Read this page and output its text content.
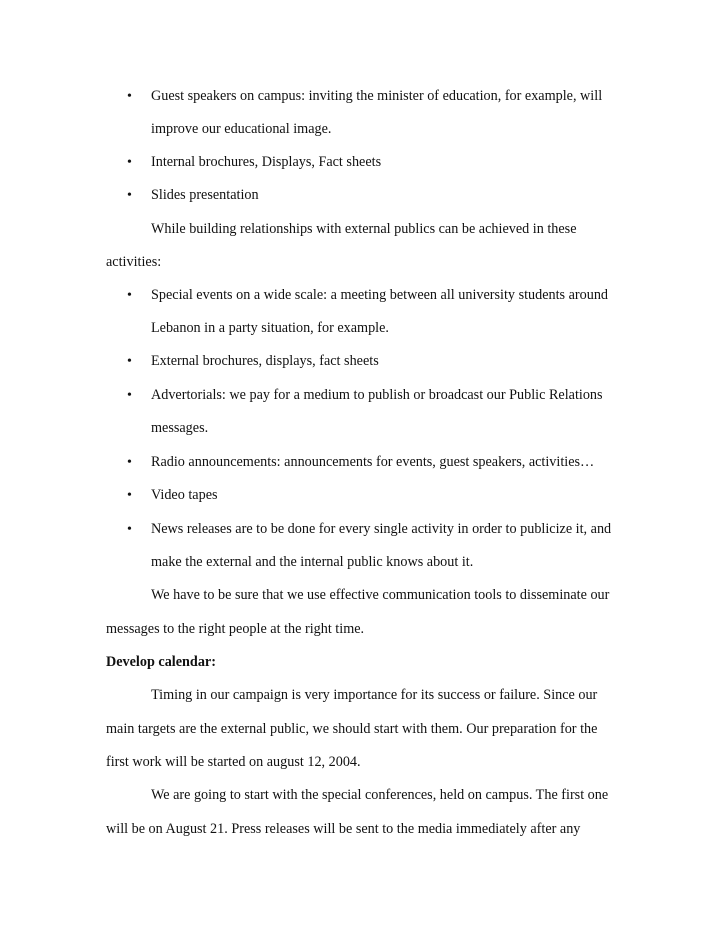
•	Guest speakers on campus: inviting the minister of education, for example, will

improve our educational image.

•	Internal brochures, Displays, Fact sheets

•	Slides presentation

While building relationships with external publics can be achieved in these

activities:

•	Special events on a wide scale: a meeting between all university students around

Lebanon in a party situation, for example.

•	External brochures, displays, fact sheets

•	Advertorials: we pay for a medium to publish or broadcast our Public Relations

messages.

•	Radio announcements: announcements for events, guest speakers, activities…

•	Video tapes

•	News releases are to be done for every single activity in order to publicize it, and

make the external and the internal public knows about it.

We have to be sure that we use effective communication tools to disseminate our

messages to the right people at the right time.

Develop calendar:

Timing in our campaign is very importance for its success or failure. Since our

main targets are the external public, we should start with them. Our preparation for the

first work will be started on august 12, 2004.

We are going to start with the special conferences, held on campus. The first one

will be on August 21. Press releases will be sent to the media immediately after any
